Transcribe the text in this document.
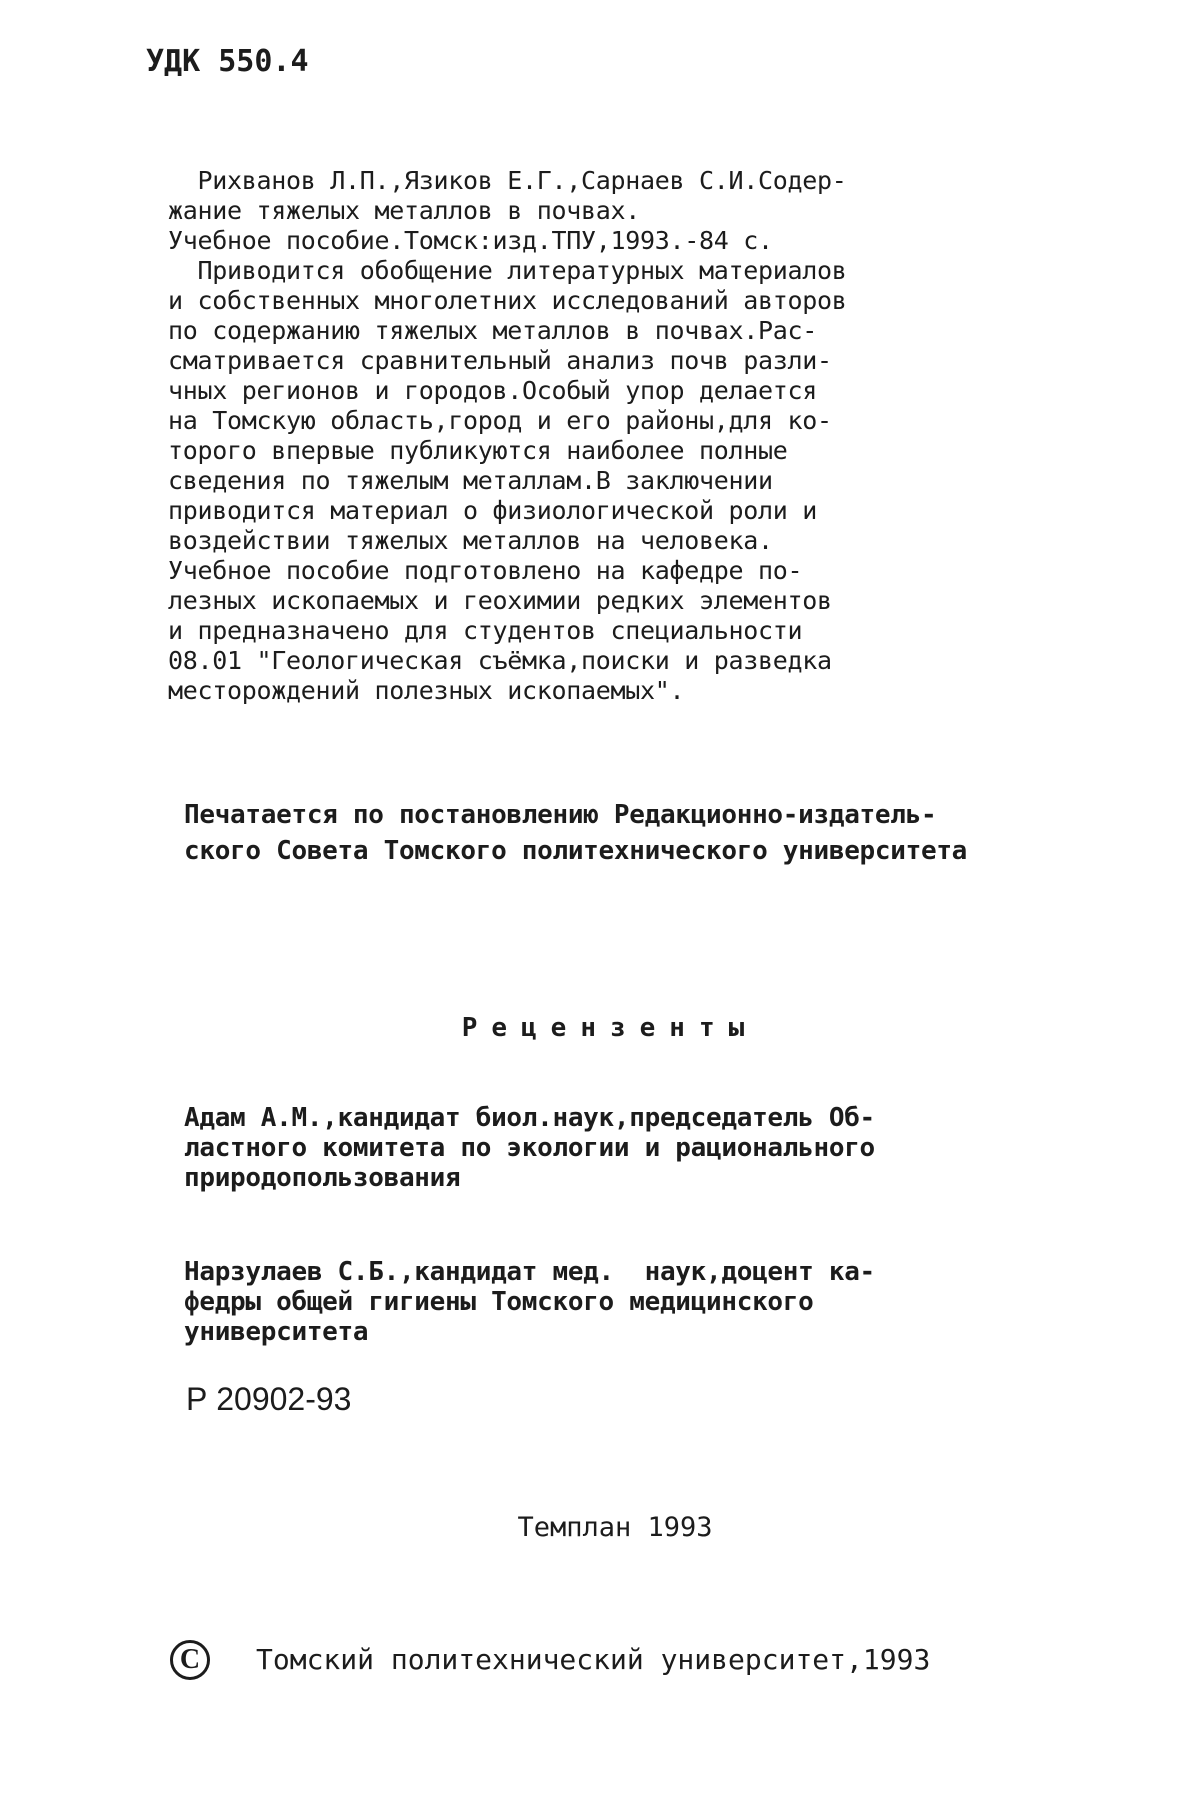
УДК 550.4
Рихванов Л.П.,Язиков Е.Г.,Сарнаев С.И.Содер-
жание тяжелых металлов в почвах.
Учебное пособие.Томск:изд.ТПУ,1993.-84 с.
Приводится обобщение литературных материалов
и собственных многолетних исследований авторов
по содержанию тяжелых металлов в почвах.Рас-
сматривается сравнительный анализ почв разли-
чных регионов и городов.Особый упор делается
на Томскую область,город и его районы,для ко-
торого впервые публикуются наиболее полные
сведения по тяжелым металлам.В заключении
приводится материал о физиологической роли и
воздействии тяжелых металлов на человека.
Учебное пособие подготовлено на кафедре по-
лезных ископаемых и геохимии редких элементов
и предназначено для студентов специальности
08.01 "Геологическая съёмка,поиски и разведка
месторождений полезных ископаемых".
Печатается по постановлению Редакционно-издатель-
ского Совета Томского политехнического университета
Рецензенты
Адам А.М.,кандидат биол.наук,председатель Об-
ластного комитета по экологии и рационального
природопользования
Нарзулаев С.Б.,кандидат мед.  наук,доцент ка-
федры общей гигиены Томского медицинского
университета
Р 20902-93
Темплан 1993
C	Томский политехнический университет,1993
